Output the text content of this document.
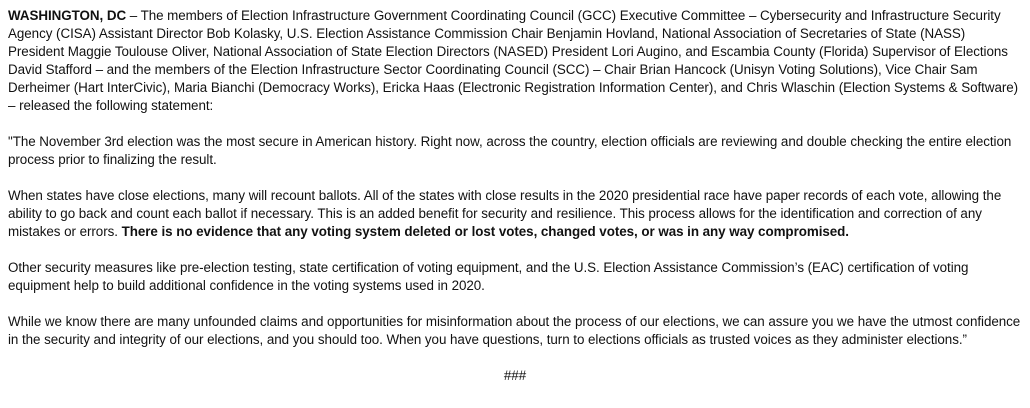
WASHINGTON, DC – The members of Election Infrastructure Government Coordinating Council (GCC) Executive Committee – Cybersecurity and Infrastructure Security Agency (CISA) Assistant Director Bob Kolasky, U.S. Election Assistance Commission Chair Benjamin Hovland, National Association of Secretaries of State (NASS) President Maggie Toulouse Oliver, National Association of State Election Directors (NASED) President Lori Augino, and Escambia County (Florida) Supervisor of Elections David Stafford – and the members of the Election Infrastructure Sector Coordinating Council (SCC) – Chair Brian Hancock (Unisyn Voting Solutions), Vice Chair Sam Derheimer (Hart InterCivic), Maria Bianchi (Democracy Works), Ericka Haas (Electronic Registration Information Center), and Chris Wlaschin (Election Systems & Software) – released the following statement:

"The November 3rd election was the most secure in American history. Right now, across the country, election officials are reviewing and double checking the entire election process prior to finalizing the result.

When states have close elections, many will recount ballots. All of the states with close results in the 2020 presidential race have paper records of each vote, allowing the ability to go back and count each ballot if necessary. This is an added benefit for security and resilience. This process allows for the identification and correction of any mistakes or errors. There is no evidence that any voting system deleted or lost votes, changed votes, or was in any way compromised.

Other security measures like pre-election testing, state certification of voting equipment, and the U.S. Election Assistance Commission’s (EAC) certification of voting equipment help to build additional confidence in the voting systems used in 2020.

While we know there are many unfounded claims and opportunities for misinformation about the process of our elections, we can assure you we have the utmost confidence in the security and integrity of our elections, and you should too. When you have questions, turn to elections officials as trusted voices as they administer elections.”

###
